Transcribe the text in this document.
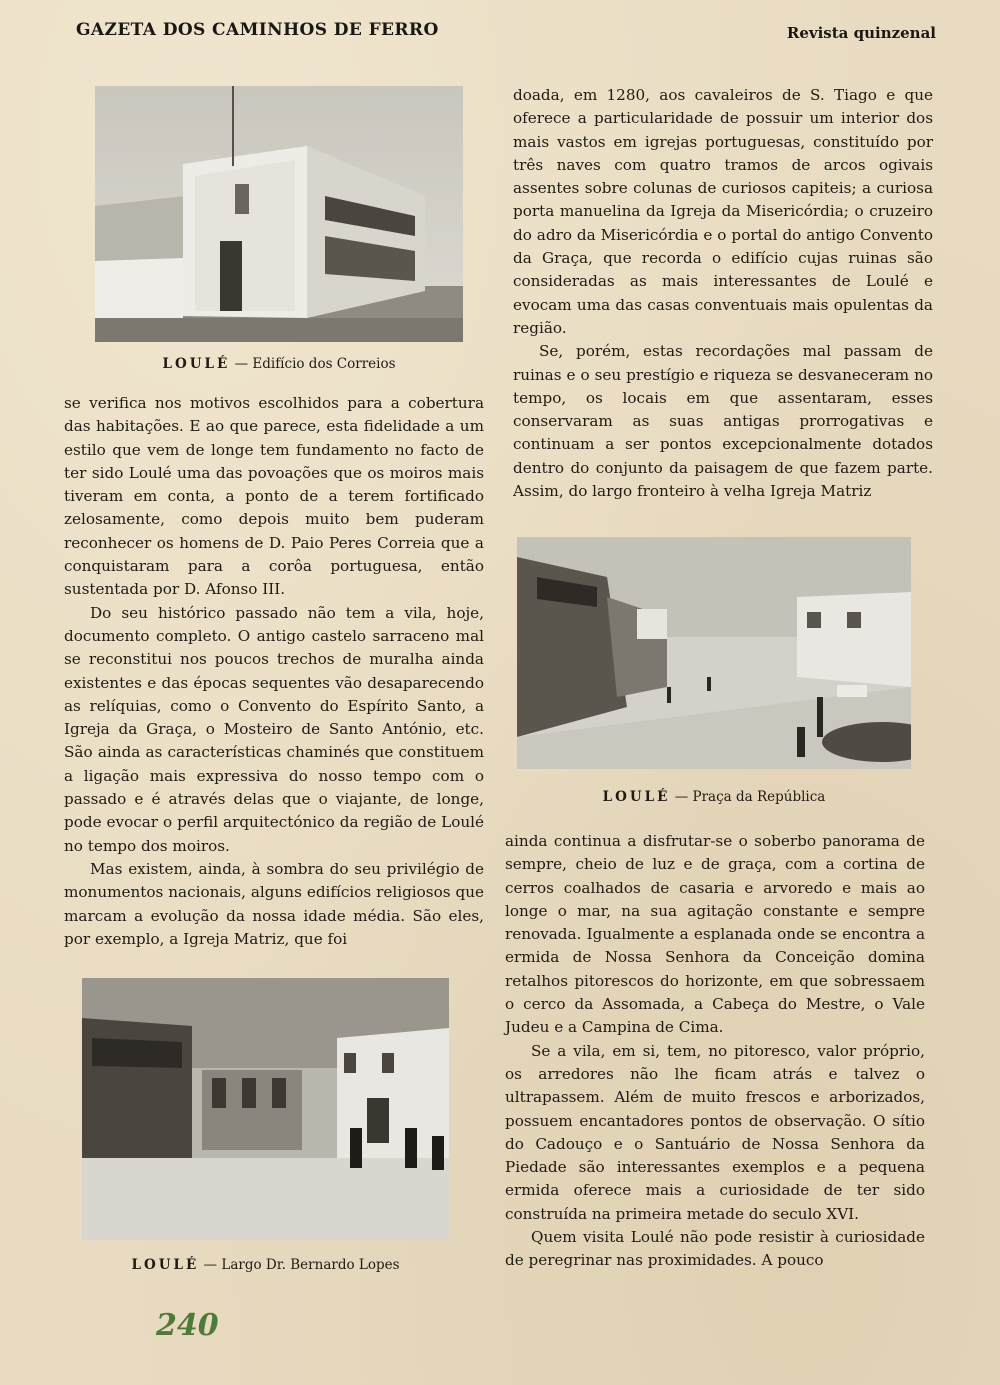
GAZETA DOS CAMINHOS DE FERRO	Revista quinzenal
LOULÉ — Edifício dos Correios

se verifica nos motivos escolhidos para a cobertura das habitações. E ao que parece, esta fidelidade a um estilo que vem de longe tem fundamento no facto de ter sido Loulé uma das povoações que os moiros mais tiveram em conta, a ponto de a terem fortificado zelosamente, como depois muito bem puderam reconhecer os homens de D. Paio Peres Correia que a conquistaram para a corôa portuguesa, então sustentada por D. Afonso III.

Do seu histórico passado não tem a vila, hoje, documento completo. O antigo castelo sarraceno mal se reconstitui nos poucos trechos de muralha ainda existentes e das épocas sequentes vão desaparecendo as relíquias, como o Convento do Espírito Santo, a Igreja da Graça, o Mosteiro de Santo António, etc. São ainda as características chaminés que constituem a ligação mais expressiva do nosso tempo com o passado e é através delas que o viajante, de longe, pode evocar o perfil arquitectónico da região de Loulé no tempo dos moiros.

Mas existem, ainda, à sombra do seu privilégio de monumentos nacionais, alguns edifícios religiosos que marcam a evolução da nossa idade média. São eles, por exemplo, a Igreja Matriz, que foi

LOULÉ — Largo Dr. Bernardo Lopes

doada, em 1280, aos cavaleiros de S. Tiago e que oferece a particularidade de possuir um interior dos mais vastos em igrejas portuguesas, constituído por três naves com quatro tramos de arcos ogivais assentes sobre colunas de curiosos capiteis; a curiosa porta manuelina da Igreja da Misericórdia; o cruzeiro do adro da Misericórdia e o portal do antigo Convento da Graça, que recorda o edifício cujas ruinas são consideradas as mais interessantes de Loulé e evocam uma das casas conventuais mais opulentas da região.

Se, porém, estas recordações mal passam de ruinas e o seu prestígio e riqueza se desvaneceram no tempo, os locais em que assentaram, esses conservaram as suas antigas prorrogativas e continuam a ser pontos excepcionalmente dotados dentro do conjunto da paisagem de que fazem parte. Assim, do largo fronteiro à velha Igreja Matriz

LOULÉ — Praça da República

ainda continua a disfrutar-se o soberbo panorama de sempre, cheio de luz e de graça, com a cortina de cerros coalhados de casaria e arvoredo e mais ao longe o mar, na sua agitação constante e sempre renovada. Igualmente a esplanada onde se encontra a ermida de Nossa Senhora da Conceição domina retalhos pitorescos do horizonte, em que sobressaem o cerco da Assomada, a Cabeça do Mestre, o Vale Judeu e a Campina de Cima.

Se a vila, em si, tem, no pitoresco, valor próprio, os arredores não lhe ficam atrás e talvez o ultrapassem. Além de muito frescos e arborizados, possuem encantadores pontos de observação. O sítio do Cadouço e o Santuário de Nossa Senhora da Piedade são interessantes exemplos e a pequena ermida oferece mais a curiosidade de ter sido construída na primeira metade do seculo XVI.

Quem visita Loulé não pode resistir à curiosidade de peregrinar nas proximidades. A pouco

240
